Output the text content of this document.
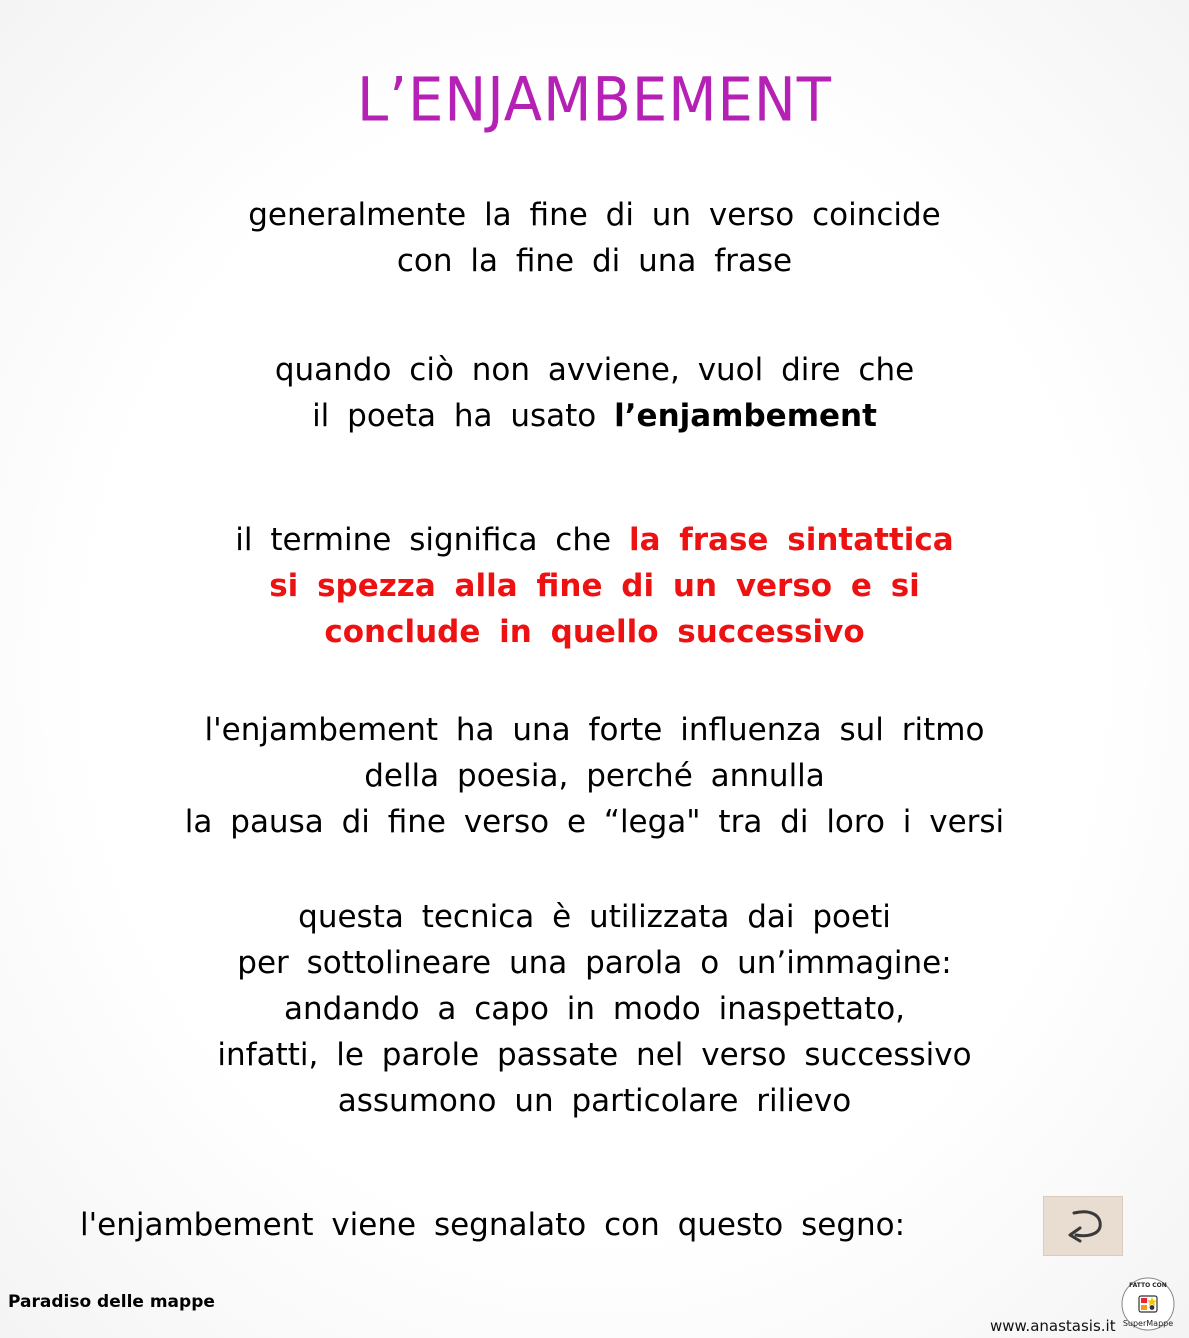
L’ENJAMBEMENT
generalmente la fine di un verso coincide
con la fine di una frase
quando ciò non avviene, vuol dire che
il poeta ha usato l’enjambement
il termine significa che la frase sintattica
si spezza alla fine di un verso e si
conclude in quello successivo
l'enjambement ha una forte influenza sul ritmo
della poesia, perché annulla
la pausa di fine verso e “lega" tra di loro i versi
questa tecnica è utilizzata dai poeti
per sottolineare una parola o un’immagine:
andando a capo in modo inaspettato,
infatti, le parole passate nel verso successivo
assumono un particolare rilievo
l'enjambement viene segnalato con questo segno:
Paradiso delle mappe
www.anastasis.it
FATTO CON
SuperMappe
